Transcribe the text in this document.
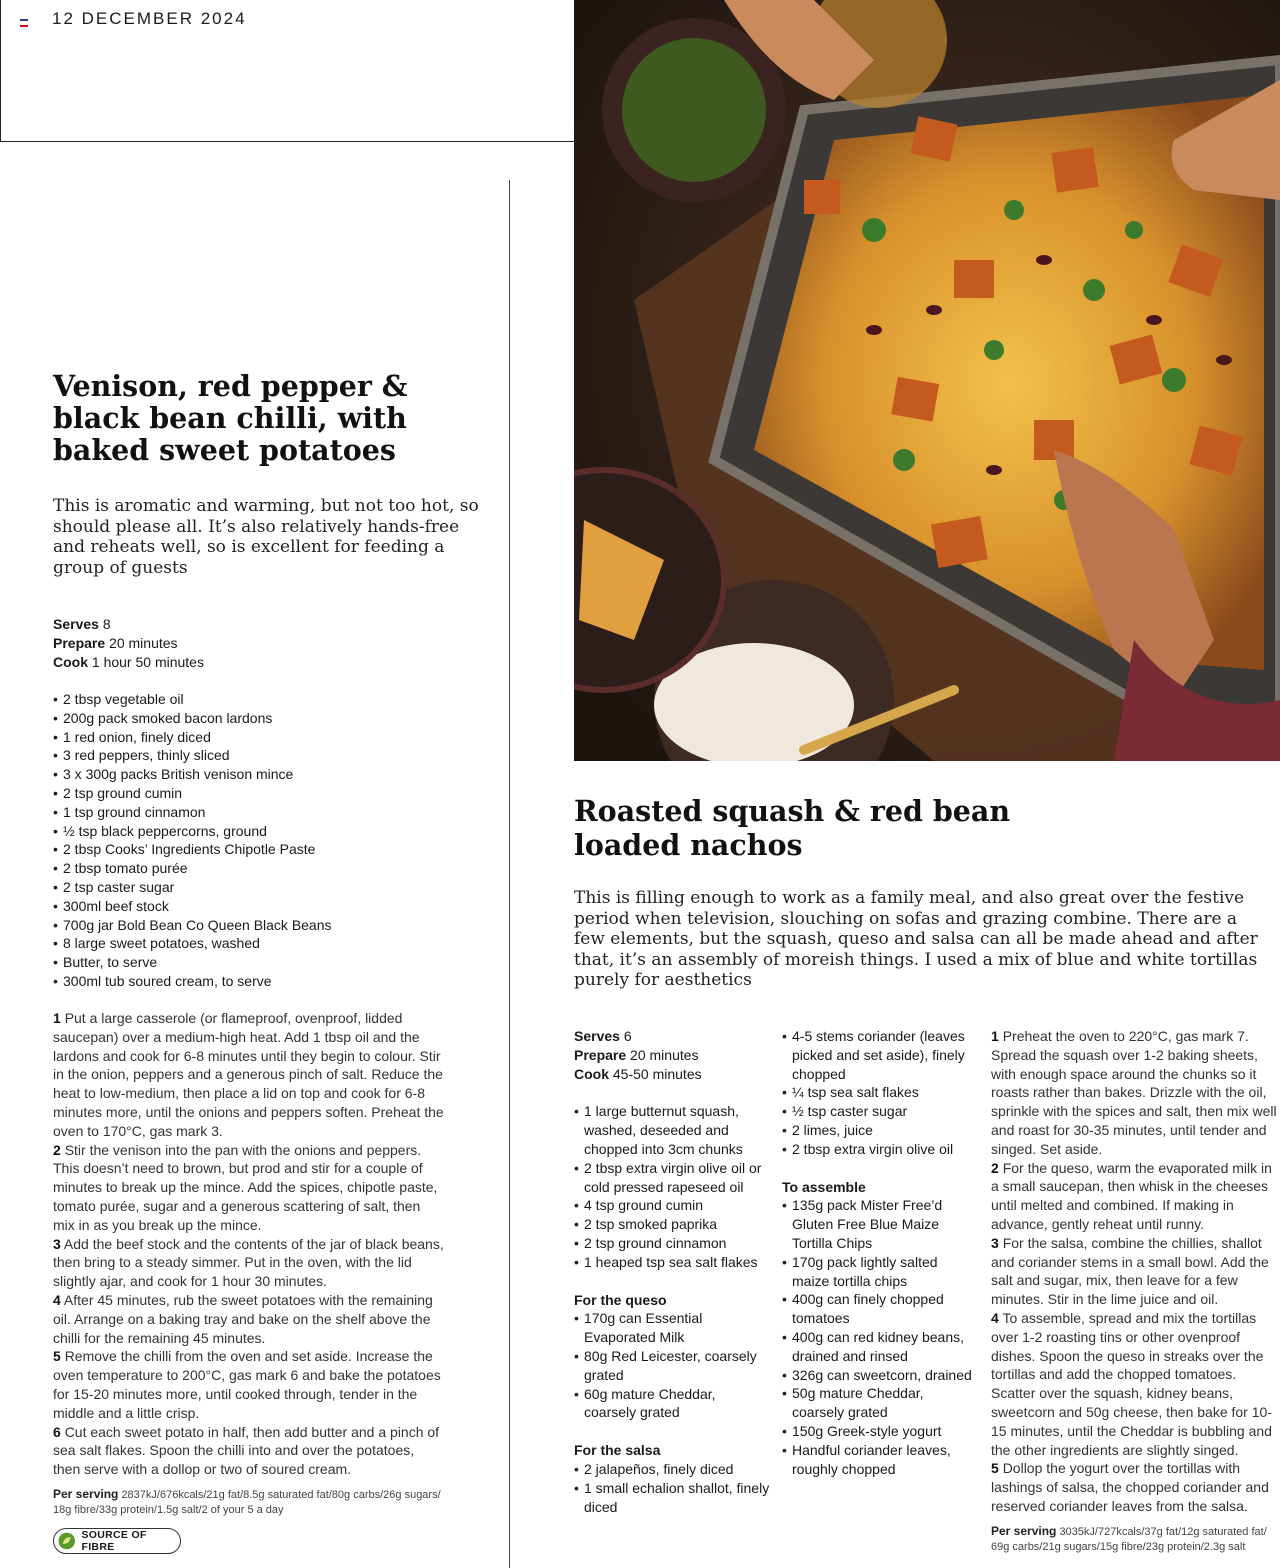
12 DECEMBER 2024
Venison, red pepper & black bean chilli, with baked sweet potatoes

This is aromatic and warming, but not too hot, so should please all. It’s also relatively hands-free and reheats well, so is excellent for feeding a group of guests

Serves 8
Prepare 20 minutes
Cook 1 hour 50 minutes
• 2 tbsp vegetable oil
• 200g pack smoked bacon lardons
• 1 red onion, finely diced
• 3 red peppers, thinly sliced
• 3 x 300g packs British venison mince
• 2 tsp ground cumin
• 1 tsp ground cinnamon
• ½ tsp black peppercorns, ground
• 2 tbsp Cooks’ Ingredients Chipotle Paste
• 2 tbsp tomato purée
• 2 tsp caster sugar
• 300ml beef stock
• 700g jar Bold Bean Co Queen Black Beans
• 8 large sweet potatoes, washed
• Butter, to serve
• 300ml tub soured cream, to serve

1 Put a large casserole (or flameproof, ovenproof, lidded saucepan) over a medium-high heat. Add 1 tbsp oil and the lardons and cook for 6-8 minutes until they begin to colour. Stir in the onion, peppers and a generous pinch of salt. Reduce the heat to low-medium, then place a lid on top and cook for 6-8 minutes more, until the onions and peppers soften. Preheat the oven to 170°C, gas mark 3.

2 Stir the venison into the pan with the onions and peppers. This doesn’t need to brown, but prod and stir for a couple of minutes to break up the mince. Add the spices, chipotle paste, tomato purée, sugar and a generous scattering of salt, then mix in as you break up the mince.

3 Add the beef stock and the contents of the jar of black beans, then bring to a steady simmer. Put in the oven, with the lid slightly ajar, and cook for 1 hour 30 minutes.

4 After 45 minutes, rub the sweet potatoes with the remaining oil. Arrange on a baking tray and bake on the shelf above the chilli for the remaining 45 minutes.

5 Remove the chilli from the oven and set aside. Increase the oven temperature to 200°C, gas mark 6 and bake the potatoes for 15-20 minutes more, until cooked through, tender in the middle and a little crisp.

6 Cut each sweet potato in half, then add butter and a pinch of sea salt flakes. Spoon the chilli into and over the potatoes, then serve with a dollop or two of soured cream.

Per serving 2837kJ/676kcals/21g fat/8.5g saturated fat/80g carbs/26g sugars/ 18g fibre/33g protein/1.5g salt/2 of your 5 a day
SOURCE OF FIBRE
Roasted squash & red bean loaded nachos

This is filling enough to work as a family meal, and also great over the festive period when television, slouching on sofas and grazing combine. There are a few elements, but the squash, queso and salsa can all be made ahead and after that, it’s an assembly of moreish things. I used a mix of blue and white tortillas purely for aesthetics

Serves 6
Prepare 20 minutes
Cook 45-50 minutes
• 1 large butternut squash, washed, deseeded and chopped into 3cm chunks
• 2 tbsp extra virgin olive oil or cold pressed rapeseed oil
• 4 tsp ground cumin
• 2 tsp smoked paprika
• 2 tsp ground cinnamon
• 1 heaped tsp sea salt flakes
For the queso
• 170g can Essential Evaporated Milk
• 80g Red Leicester, coarsely grated
• 60g mature Cheddar, coarsely grated
For the salsa
• 2 jalapeños, finely diced
• 1 small echalion shallot, finely diced
• 4-5 stems coriander (leaves picked and set aside), finely chopped
• ¼ tsp sea salt flakes
• ½ tsp caster sugar
• 2 limes, juice
• 2 tbsp extra virgin olive oil
To assemble
• 135g pack Mister Free’d Gluten Free Blue Maize Tortilla Chips
• 170g pack lightly salted maize tortilla chips
• 400g can finely chopped tomatoes
• 400g can red kidney beans, drained and rinsed
• 326g can sweetcorn, drained
• 50g mature Cheddar, coarsely grated
• 150g Greek-style yogurt
• Handful coriander leaves, roughly chopped

1 Preheat the oven to 220°C, gas mark 7. Spread the squash over 1-2 baking sheets, with enough space around the chunks so it roasts rather than bakes. Drizzle with the oil, sprinkle with the spices and salt, then mix well and roast for 30-35 minutes, until tender and singed. Set aside.

2 For the queso, warm the evaporated milk in a small saucepan, then whisk in the cheeses until melted and combined. If making in advance, gently reheat until runny.

3 For the salsa, combine the chillies, shallot and coriander stems in a small bowl. Add the salt and sugar, mix, then leave for a few minutes. Stir in the lime juice and oil.

4 To assemble, spread and mix the tortillas over 1-2 roasting tins or other ovenproof dishes. Spoon the queso in streaks over the tortillas and add the chopped tomatoes. Scatter over the squash, kidney beans, sweetcorn and 50g cheese, then bake for 10-15 minutes, until the Cheddar is bubbling and the other ingredients are slightly singed.

5 Dollop the yogurt over the tortillas with lashings of salsa, the chopped coriander and reserved coriander leaves from the salsa.

Per serving 3035kJ/727kcals/37g fat/12g saturated fat/ 69g carbs/21g sugars/15g fibre/23g protein/2.3g salt
